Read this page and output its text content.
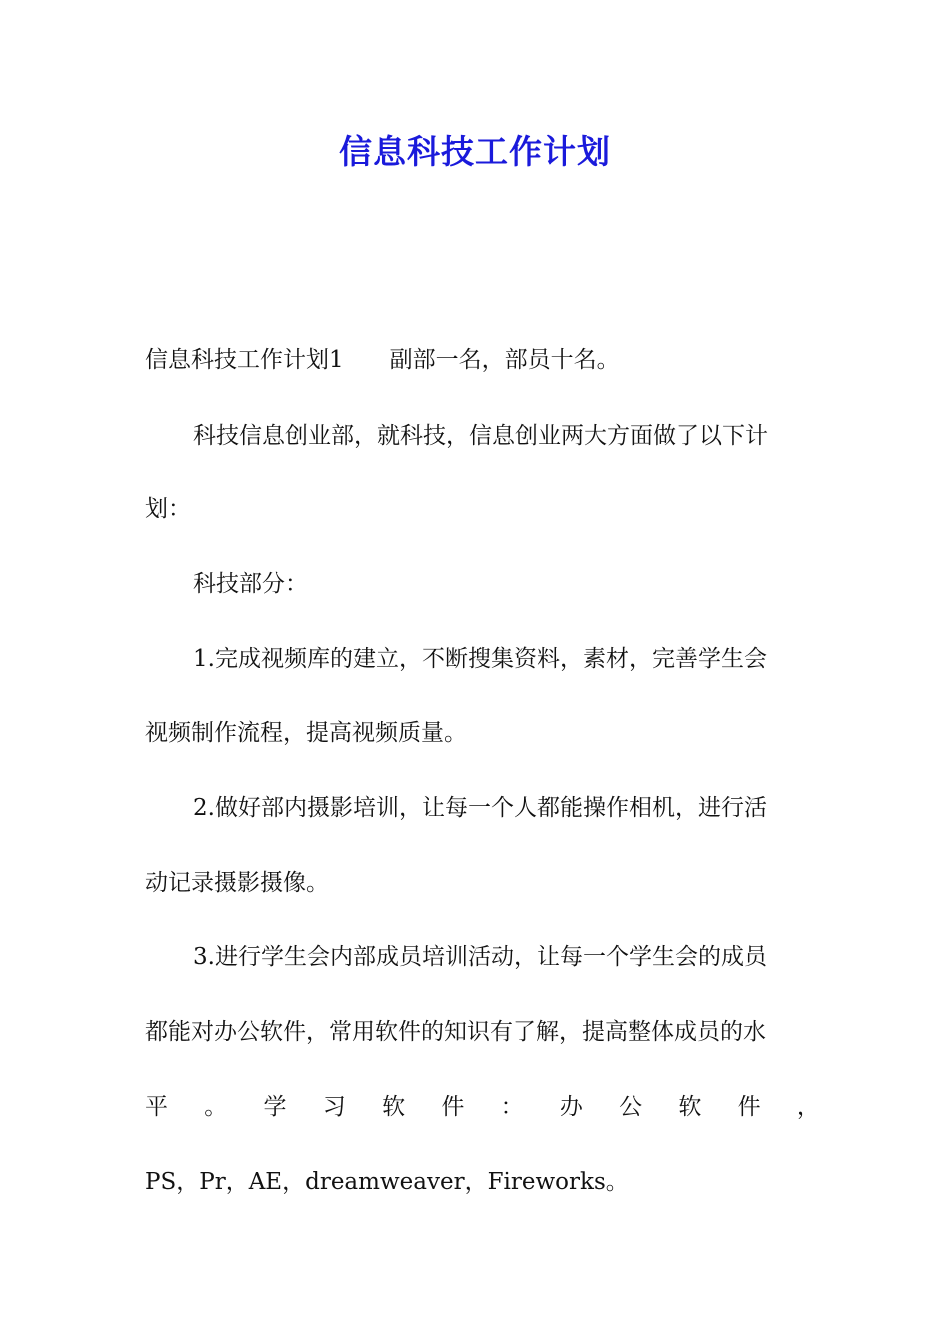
信息科技工作计划
信息科技工作计划1 副部一名，部员十名。
科技信息创业部，就科技，信息创业两大方面做了以下计
划：
科技部分：
1.完成视频库的建立，不断搜集资料，素材，完善学生会
视频制作流程，提高视频质量。
2.做好部内摄影培训，让每一个人都能操作相机，进行活
动记录摄影摄像。
3.进行学生会内部成员培训活动，让每一个学生会的成员
都能对办公软件，常用软件的知识有了解，提高整体成员的水
平 。 学 习 软 件 ： 办 公 软 件 ，
PS，Pr，AE，dreamweaver，Fireworks。
